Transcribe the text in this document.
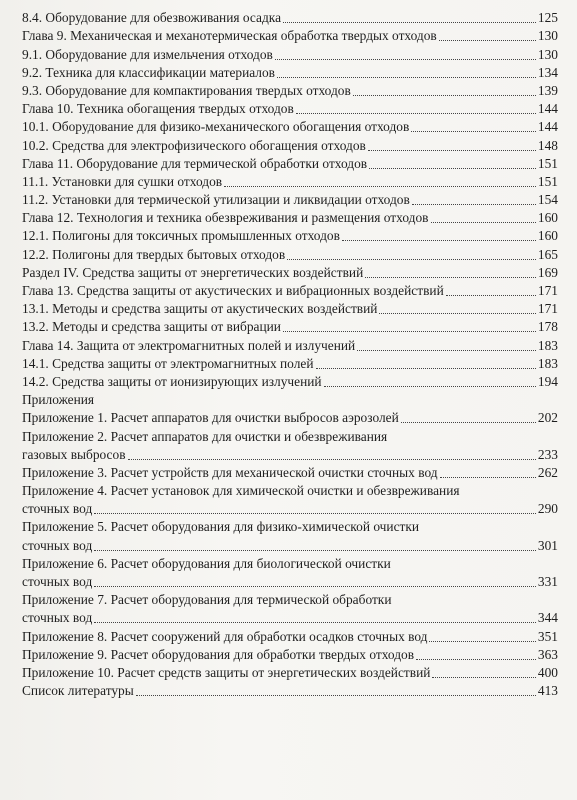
8.4. Оборудование для обезвоживания осадка	125
Глава 9. Механическая и механотермическая обработка твердых отходов	130
9.1. Оборудование для измельчения отходов	130
9.2. Техника для классификации материалов	134
9.3. Оборудование для компактирования твердых отходов	139
Глава 10. Техника обогащения твердых отходов	144
10.1. Оборудование для физико-механического обогащения отходов	144
10.2. Средства для электрофизического обогащения отходов	148
Глава 11. Оборудование для термической обработки отходов	151
11.1. Установки для сушки отходов	151
11.2. Установки для термической утилизации и ликвидации отходов	154
Глава 12. Технология и техника обезвреживания и размещения отходов	160
12.1. Полигоны для токсичных промышленных отходов	160
12.2. Полигоны для твердых бытовых отходов	165
Раздел IV. Средства защиты от энергетических воздействий	169
Глава 13. Средства защиты от акустических и вибрационных воздействий	171
13.1. Методы и средства защиты от акустических воздействий	171
13.2. Методы и средства защиты от вибрации	178
Глава 14. Защита от электромагнитных полей и излучений	183
14.1. Средства защиты от электромагнитных полей	183
14.2. Средства защиты от ионизирующих излучений	194
Приложения
Приложение 1. Расчет аппаратов для очистки выбросов аэрозолей	202
Приложение 2. Расчет аппаратов для очистки и обезвреживания
газовых выбросов	233
Приложение 3. Расчет устройств для механической очистки сточных вод	262
Приложение 4. Расчет установок для химической очистки и обезвреживания
сточных вод	290
Приложение 5. Расчет оборудования для физико-химической очистки
сточных вод	301
Приложение 6. Расчет оборудования для биологической очистки
сточных вод	331
Приложение 7. Расчет оборудования для термической обработки
сточных вод	344
Приложение 8. Расчет сооружений для обработки осадков сточных вод	351
Приложение 9. Расчет оборудования для обработки твердых отходов	363
Приложение 10. Расчет средств защиты от энергетических воздействий	400
Список литературы	413
